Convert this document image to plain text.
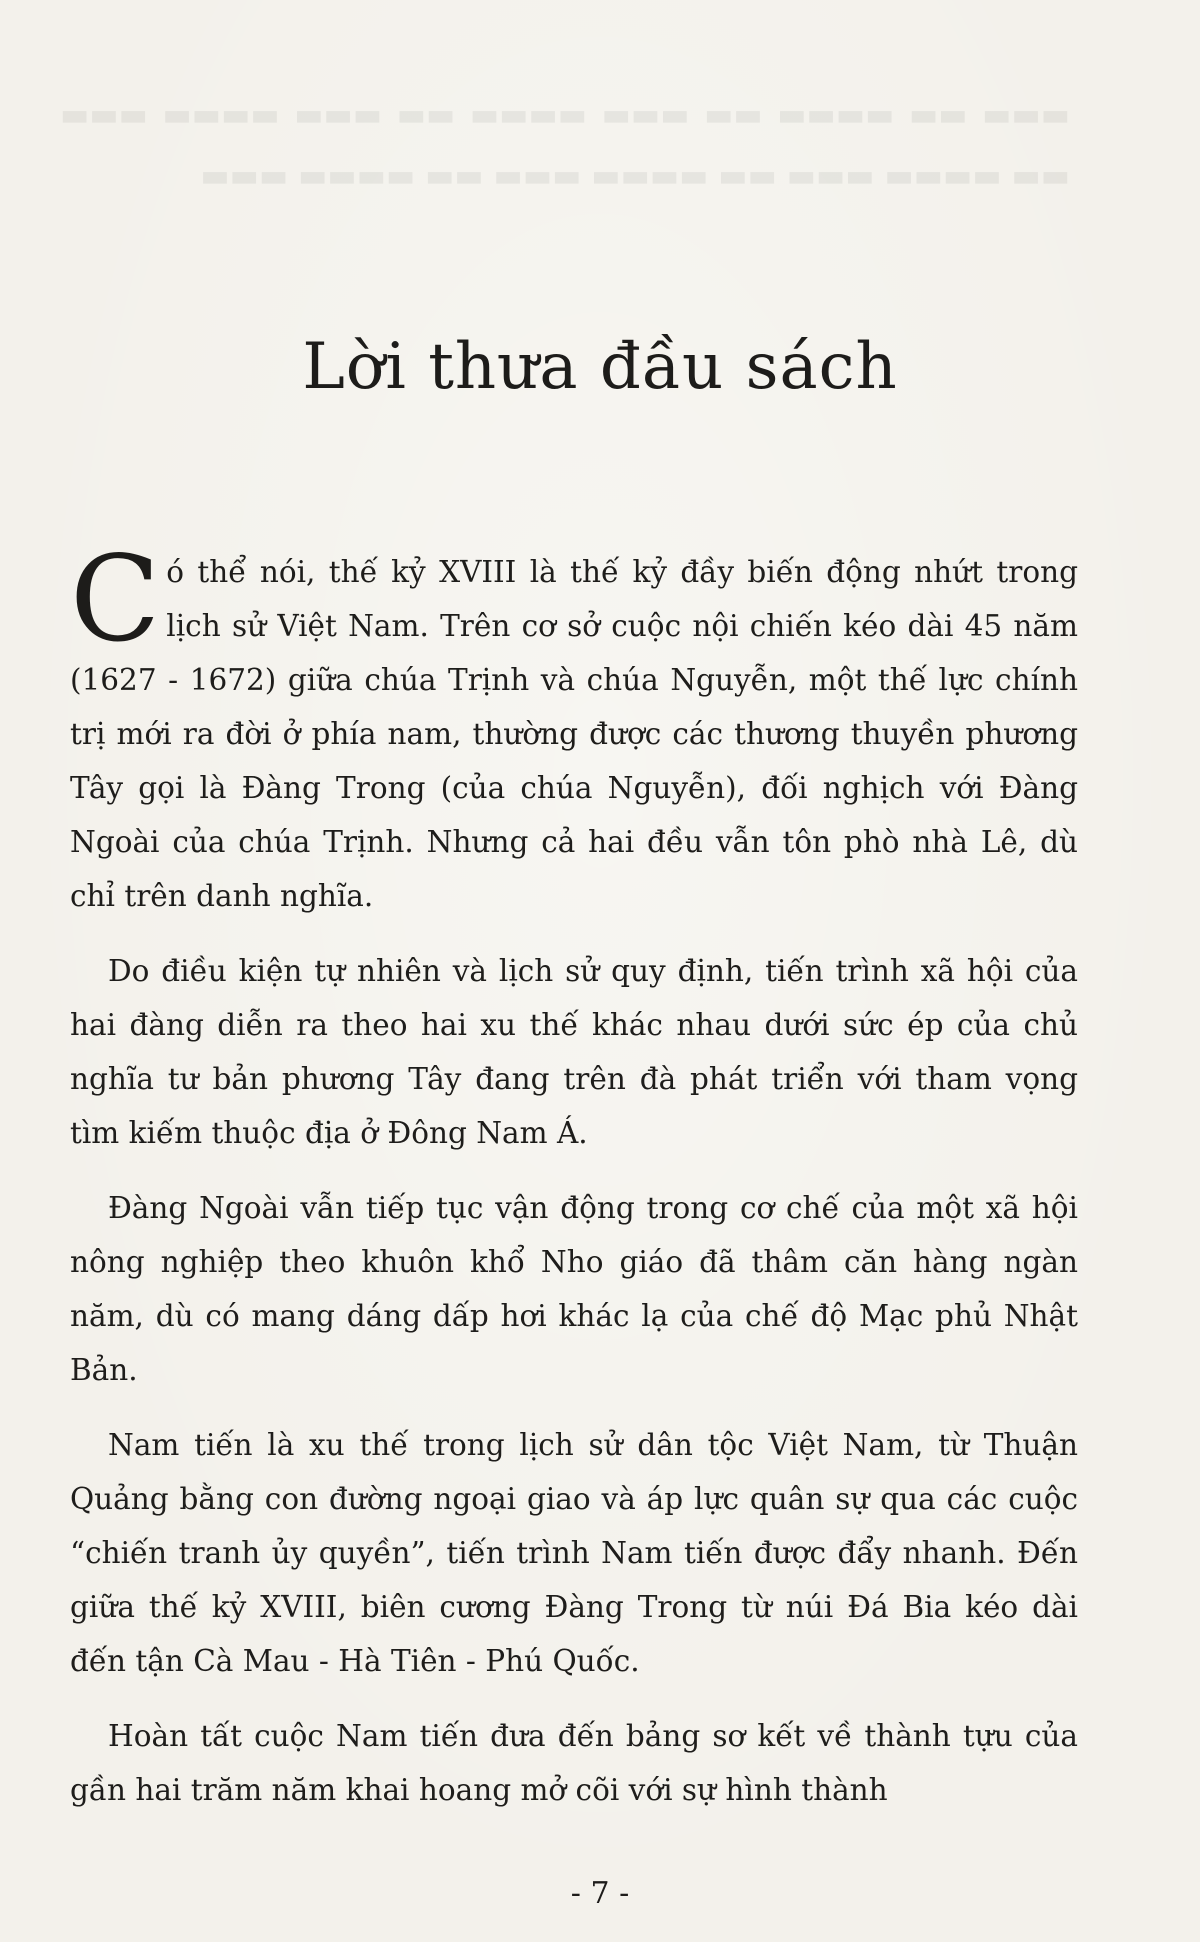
▬▬▬ ▬▬ ▬▬▬▬ ▬▬ ▬▬▬ ▬▬▬▬ ▬▬ ▬▬▬ ▬▬▬▬ ▬▬▬ ▬▬ ▬▬▬▬ ▬▬▬ ▬▬ ▬▬▬▬ ▬▬▬ ▬▬ ▬▬▬▬ ▬▬▬
Lời thưa đầu sách

Có thể nói, thế kỷ XVIII là thế kỷ đầy biến động nhứt trong lịch sử Việt Nam. Trên cơ sở cuộc nội chiến kéo dài 45 năm (1627 - 1672) giữa chúa Trịnh và chúa Nguyễn, một thế lực chính trị mới ra đời ở phía nam, thường được các thương thuyền phương Tây gọi là Đàng Trong (của chúa Nguyễn), đối nghịch với Đàng Ngoài của chúa Trịnh. Nhưng cả hai đều vẫn tôn phò nhà Lê, dù chỉ trên danh nghĩa.

Do điều kiện tự nhiên và lịch sử quy định, tiến trình xã hội của hai đàng diễn ra theo hai xu thế khác nhau dưới sức ép của chủ nghĩa tư bản phương Tây đang trên đà phát triển với tham vọng tìm kiếm thuộc địa ở Đông Nam Á.

Đàng Ngoài vẫn tiếp tục vận động trong cơ chế của một xã hội nông nghiệp theo khuôn khổ Nho giáo đã thâm căn hàng ngàn năm, dù có mang dáng dấp hơi khác lạ của chế độ Mạc phủ Nhật Bản.

Nam tiến là xu thế trong lịch sử dân tộc Việt Nam, từ Thuận Quảng bằng con đường ngoại giao và áp lực quân sự qua các cuộc “chiến tranh ủy quyền”, tiến trình Nam tiến được đẩy nhanh. Đến giữa thế kỷ XVIII, biên cương Đàng Trong từ núi Đá Bia kéo dài đến tận Cà Mau - Hà Tiên - Phú Quốc.

Hoàn tất cuộc Nam tiến đưa đến bảng sơ kết về thành tựu của gần hai trăm năm khai hoang mở cõi với sự hình thành

- 7 -
